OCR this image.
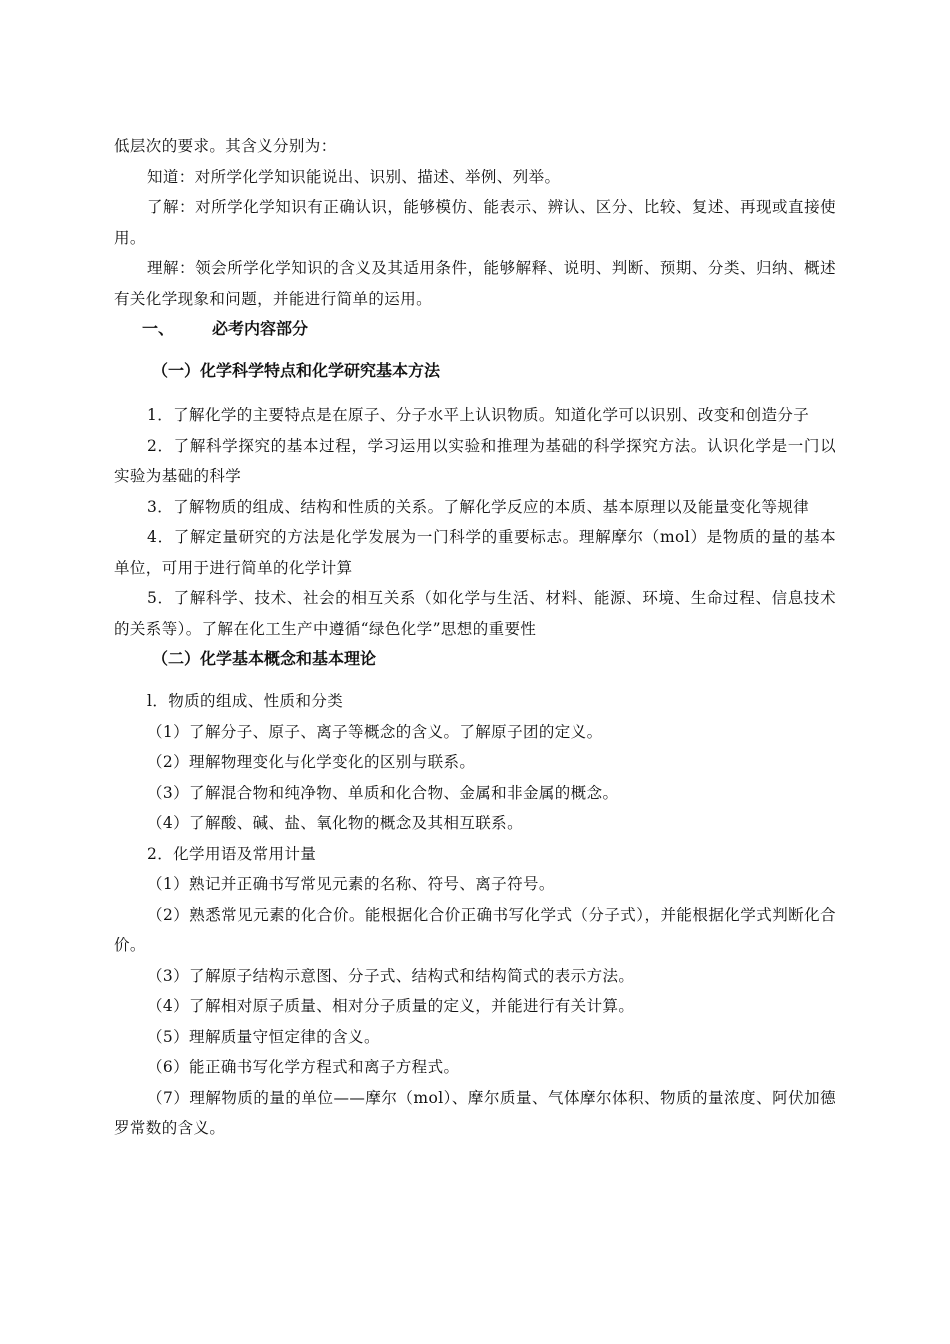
低层次的要求。其含义分别为：

知道：对所学化学知识能说出、识别、描述、举例、列举。

了解：对所学化学知识有正确认识，能够模仿、能表示、辨认、区分、比较、复述、再现或直接使用。

理解：领会所学化学知识的含义及其适用条件，能够解释、说明、判断、预期、分类、归纳、概述有关化学现象和问题，并能进行简单的运用。

一、 必考内容部分
（一）化学科学特点和化学研究基本方法

1．了解化学的主要特点是在原子、分子水平上认识物质。知道化学可以识别、改变和创造分子

2．了解科学探究的基本过程，学习运用以实验和推理为基础的科学探究方法。认识化学是一门以实验为基础的科学

3．了解物质的组成、结构和性质的关系。了解化学反应的本质、基本原理以及能量变化等规律

4．了解定量研究的方法是化学发展为一门科学的重要标志。理解摩尔（mol）是物质的量的基本单位，可用于进行简单的化学计算

5．了解科学、技术、社会的相互关系（如化学与生活、材料、能源、环境、生命过程、信息技术的关系等）。了解在化工生产中遵循“绿色化学”思想的重要性

（二）化学基本概念和基本理论

l．物质的组成、性质和分类

（1）了解分子、原子、离子等概念的含义。了解原子团的定义。

（2）理解物理变化与化学变化的区别与联系。

（3）了解混合物和纯净物、单质和化合物、金属和非金属的概念。

（4）了解酸、碱、盐、氧化物的概念及其相互联系。

2．化学用语及常用计量

（1）熟记并正确书写常见元素的名称、符号、离子符号。

（2）熟悉常见元素的化合价。能根据化合价正确书写化学式（分子式），并能根据化学式判断化合价。

（3）了解原子结构示意图、分子式、结构式和结构简式的表示方法。

（4）了解相对原子质量、相对分子质量的定义，并能进行有关计算。

（5）理解质量守恒定律的含义。

（6）能正确书写化学方程式和离子方程式。

（7）理解物质的量的单位——摩尔（mol）、摩尔质量、气体摩尔体积、物质的量浓度、阿伏加德罗常数的含义。
